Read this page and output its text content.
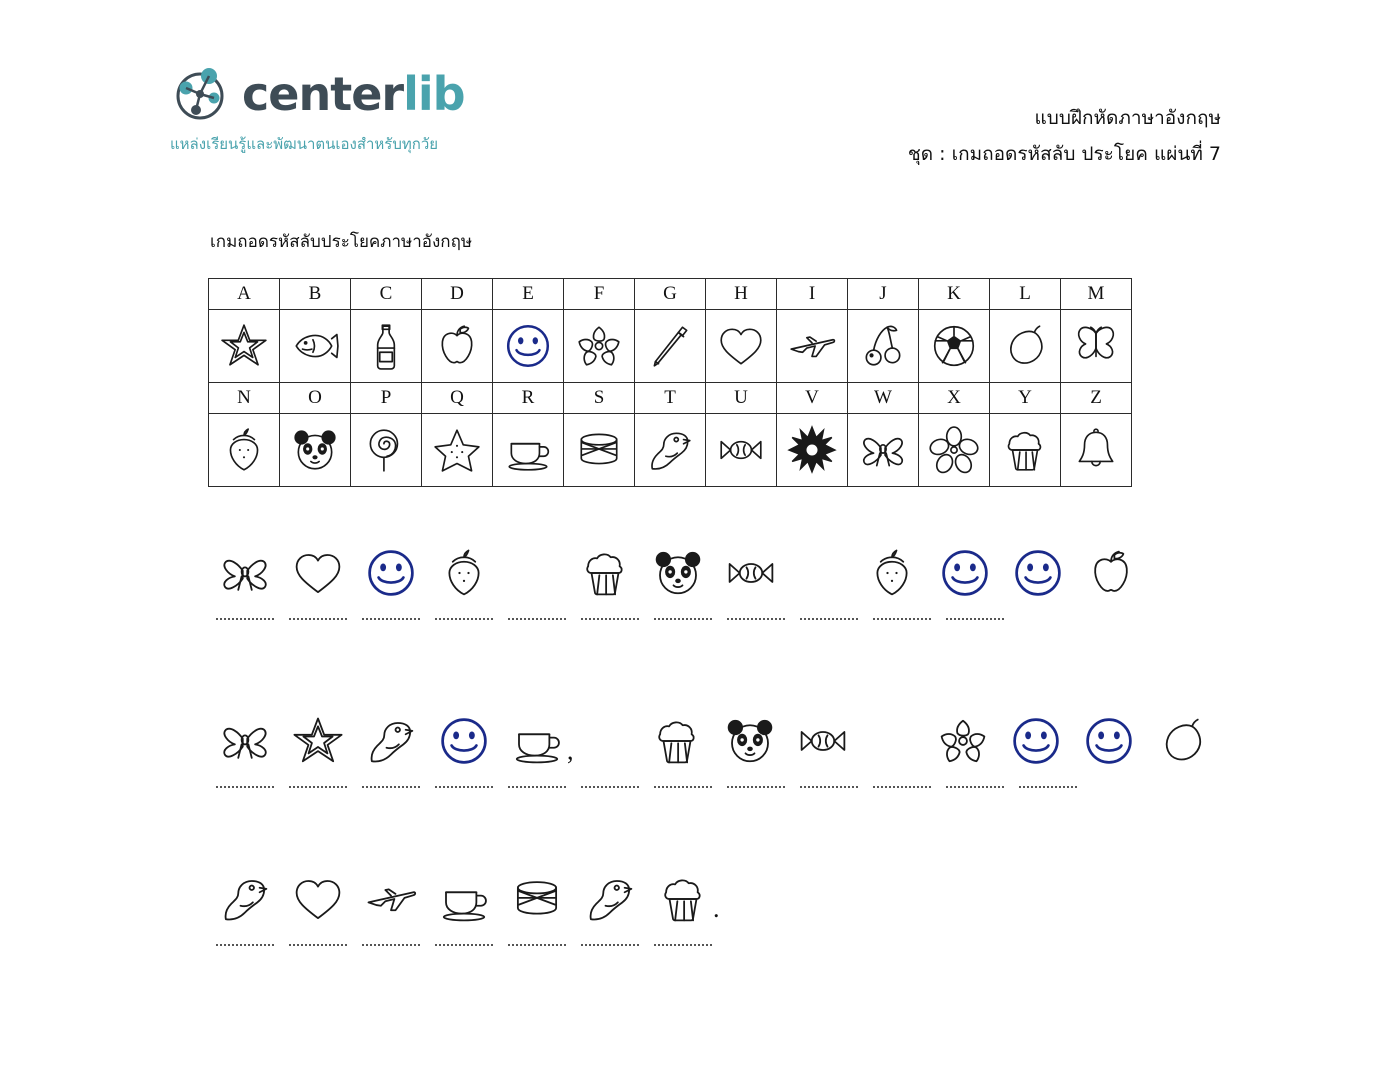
centerlib
แหล่งเรียนรู้และพัฒนาตนเองสำหรับทุกวัย
แบบฝึกหัดภาษาอังกฤษ
ชุด : เกมถอดรหัสลับ ประโยค แผ่นที่ 7
เกมถอดรหัสลับประโยคภาษาอังกฤษ
A	B	C	D	E	F	G	H	I	J	K	L	M

N	O	P	Q	R	S	T	U	V	W	X	Y	Z

,
.
